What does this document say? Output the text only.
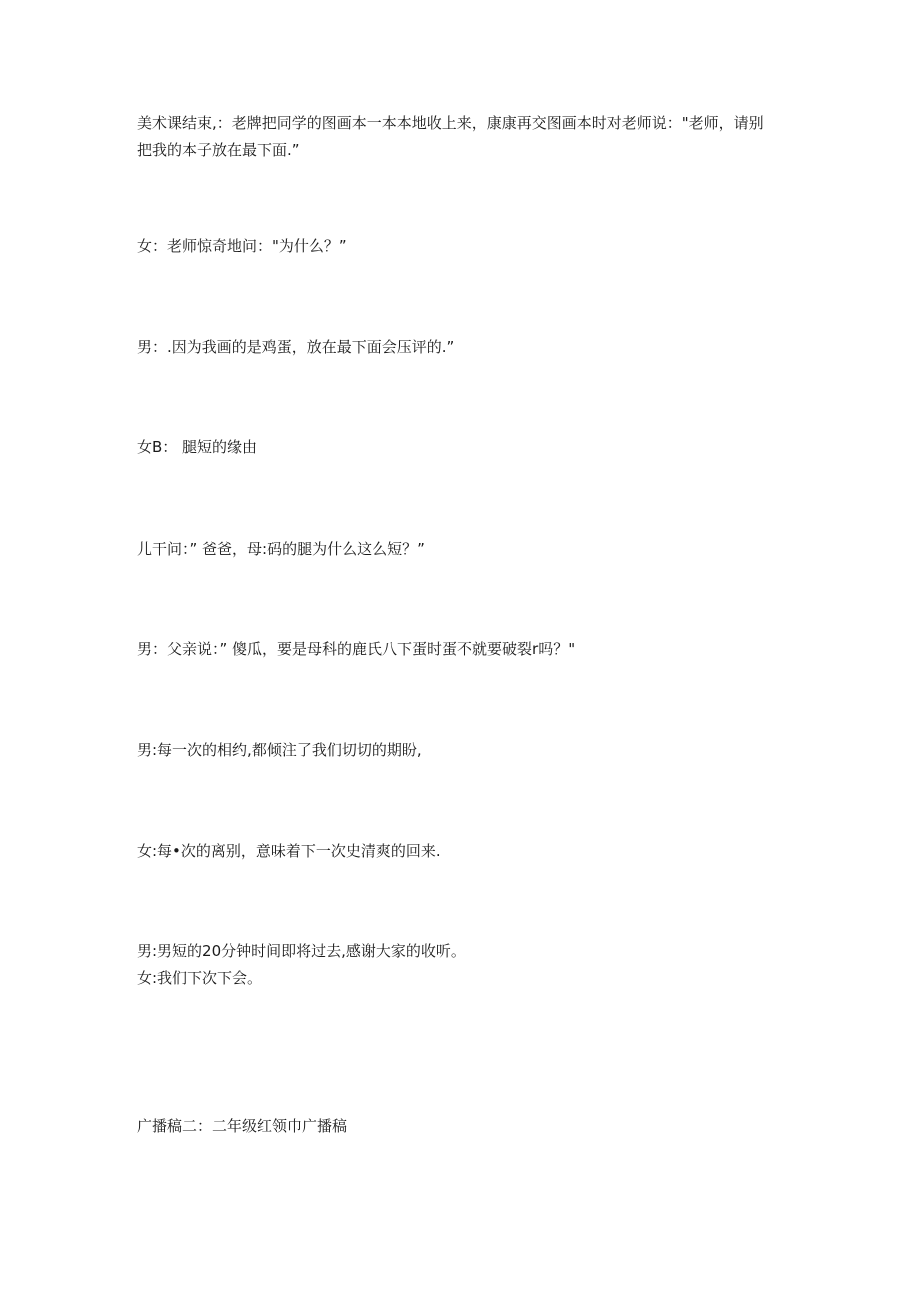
美术课结束,：老牌把同学的图画本一本本地收上来，康康再交图画本时对老师说："老师，请别
把我的本子放在最下面.”
女：老师惊奇地问："为什么？”
男：.因为我画的是鸡蛋，放在最下面会压评的.”
女B： 腿短的缘由
儿干问：” 爸爸，母:码的腿为什么这么短？”
男：父亲说：” 傻瓜，要是母科的鹿氏八下蛋时蛋不就要破裂r吗？"
男:每一次的相约,都倾注了我们切切的期盼,
女:每•次的离别，意味着下一次史清爽的回来.
男:男短的20分钟时间即将过去,感谢大家的收听。
女:我们下次下会。
广播稿二：二年级红领巾广播稿
